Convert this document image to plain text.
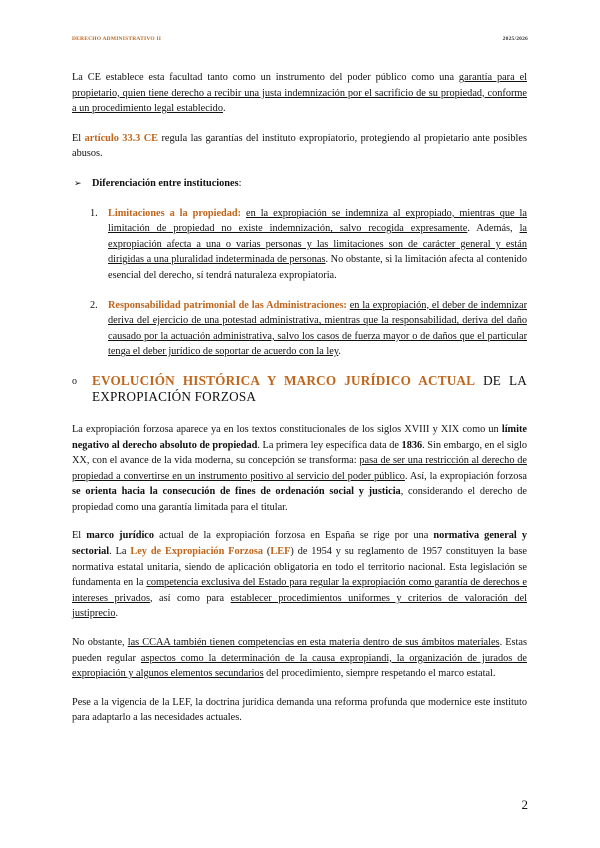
DERECHO ADMINISTRATIVO II	2025/2026

La CE establece esta facultad tanto como un instrumento del poder público como una garantía para el propietario, quien tiene derecho a recibir una justa indemnización por el sacrificio de su propiedad, conforme a un procedimiento legal establecido.

El artículo 33.3 CE regula las garantías del instituto expropiatorio, protegiendo al propietario ante posibles abusos.

➢ Diferenciación entre instituciones:

1. Limitaciones a la propiedad: en la expropiación se indemniza al expropiado, mientras que la limitación de propiedad no existe indemnización, salvo recogida expresamente. Además, la expropiación afecta a una o varias personas y las limitaciones son de carácter general y están dirigidas a una pluralidad indeterminada de personas. No obstante, si la limitación afecta al contenido esencial del derecho, sí tendrá naturaleza expropiatoria.

2. Responsabilidad patrimonial de las Administraciones: en la expropiación, el deber de indemnizar deriva del ejercicio de una potestad administrativa, mientras que la responsabilidad, deriva del daño causado por la actuación administrativa, salvo los casos de fuerza mayor o de daños que el particular tenga el deber jurídico de soportar de acuerdo con la ley.

o EVOLUCIÓN HISTÓRICA Y MARCO JURÍDICO ACTUAL DE LA EXPROPIACIÓN FORZOSA

La expropiación forzosa aparece ya en los textos constitucionales de los siglos XVIII y XIX como un límite negativo al derecho absoluto de propiedad. La primera ley específica data de 1836. Sin embargo, en el siglo XX, con el avance de la vida moderna, su concepción se transforma: pasa de ser una restricción al derecho de propiedad a convertirse en un instrumento positivo al servicio del poder público. Así, la expropiación forzosa se orienta hacia la consecución de fines de ordenación social y justicia, considerando el derecho de propiedad como una garantía limitada para el titular.

El marco jurídico actual de la expropiación forzosa en España se rige por una normativa general y sectorial. La Ley de Expropiación Forzosa (LEF) de 1954 y su reglamento de 1957 constituyen la base normativa estatal unitaria, siendo de aplicación obligatoria en todo el territorio nacional. Esta legislación se fundamenta en la competencia exclusiva del Estado para regular la expropiación como garantía de derechos e intereses privados, así como para establecer procedimientos uniformes y criterios de valoración del justiprecio.

No obstante, las CCAA también tienen competencias en esta materia dentro de sus ámbitos materiales. Estas pueden regular aspectos como la determinación de la causa expropiandi, la organización de jurados de expropiación y algunos elementos secundarios del procedimiento, siempre respetando el marco estatal.

Pese a la vigencia de la LEF, la doctrina jurídica demanda una reforma profunda que modernice este instituto para adaptarlo a las necesidades actuales.

2
